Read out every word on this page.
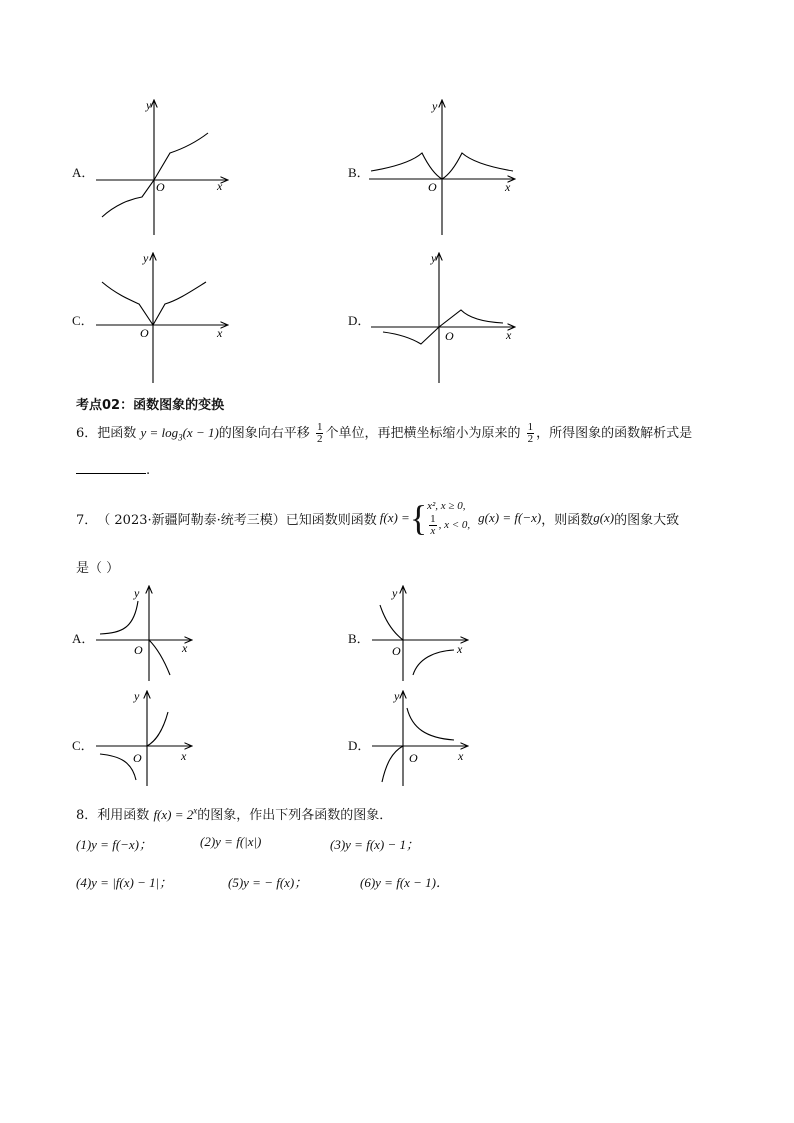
A．
y
x
O
B．
y
x
O
C．
y
x
O
D．
y
x
O
考点02：函数图象的变换
6．把函数 $y = \log_3(x - 1)$的图象向右平移 $\frac{1}{2}$ 个单位，再把横坐标缩小为原来的 $\frac{1}{2}$ ，所得图象的函数解析式是
.
7． （ 2023·新疆阿勒泰·统考三模）已知函数则函数 f(x) = { x², x ≥ 0,
$\frac{1}{x}$ , x < 0,
g(x) = f(−x) ，则函数 g(x) 的图象大致
是（ ）
A．
y
x
O
B．
y
x
O
C．
y
x
O
D．
y
x
O
8．利用函数 $f(x) = 2^x$的图象，作出下列各函数的图象．
(1)y = f(−x)；	(2)y = f(|x|)	(3)y = f(x) − 1；
(4)y = |f(x) − 1|；	(5)y = − f(x)；	(6)y = f(x − 1)．
